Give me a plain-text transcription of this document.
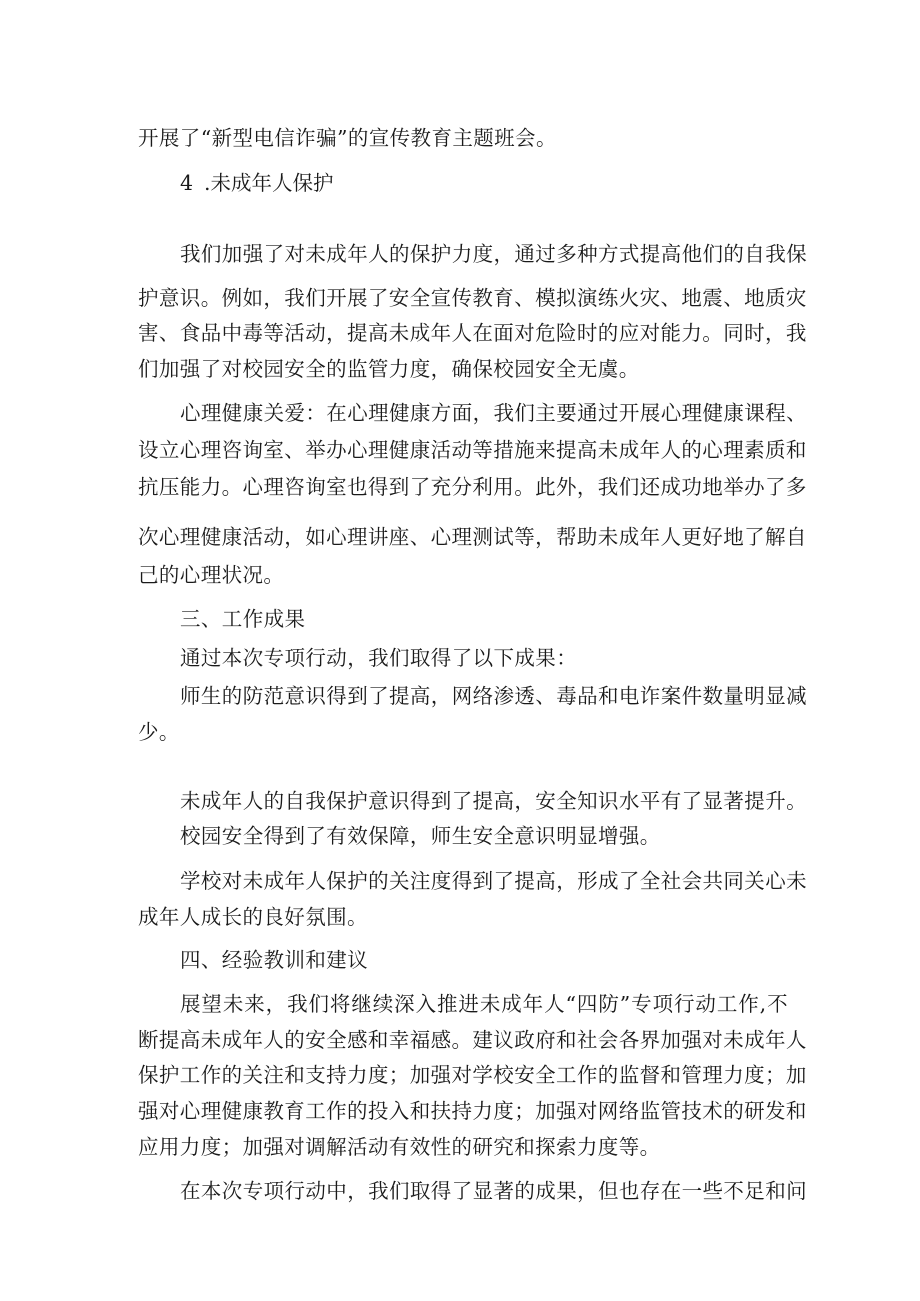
开展了“新型电信诈骗”的宣传教育主题班会。
4 .未成年人保护
我们加强了对未成年人的保护力度，通过多种方式提高他们的自我保
护意识。例如，我们开展了安全宣传教育、模拟演练火灾、地震、地质灾
害、食品中毒等活动，提高未成年人在面对危险时的应对能力。同时，我
们加强了对校园安全的监管力度，确保校园安全无虞。
心理健康关爱：在心理健康方面，我们主要通过开展心理健康课程、
设立心理咨询室、举办心理健康活动等措施来提高未成年人的心理素质和
抗压能力。心理咨询室也得到了充分利用。此外，我们还成功地举办了多
次心理健康活动，如心理讲座、心理测试等，帮助未成年人更好地了解自
己的心理状况。
三、工作成果
通过本次专项行动，我们取得了以下成果：
师生的防范意识得到了提高，网络渗透、毒品和电诈案件数量明显减
少。
未成年人的自我保护意识得到了提高，安全知识水平有了显著提升。
校园安全得到了有效保障，师生安全意识明显增强。
学校对未成年人保护的关注度得到了提高，形成了全社会共同关心未
成年人成长的良好氛围。
四、经验教训和建议
展望未来，我们将继续深入推进未成年人“四防”专项行动工作,不
断提高未成年人的安全感和幸福感。建议政府和社会各界加强对未成年人
保护工作的关注和支持力度；加强对学校安全工作的监督和管理力度；加
强对心理健康教育工作的投入和扶持力度；加强对网络监管技术的研发和
应用力度；加强对调解活动有效性的研究和探索力度等。
在本次专项行动中，我们取得了显著的成果，但也存在一些不足和问
